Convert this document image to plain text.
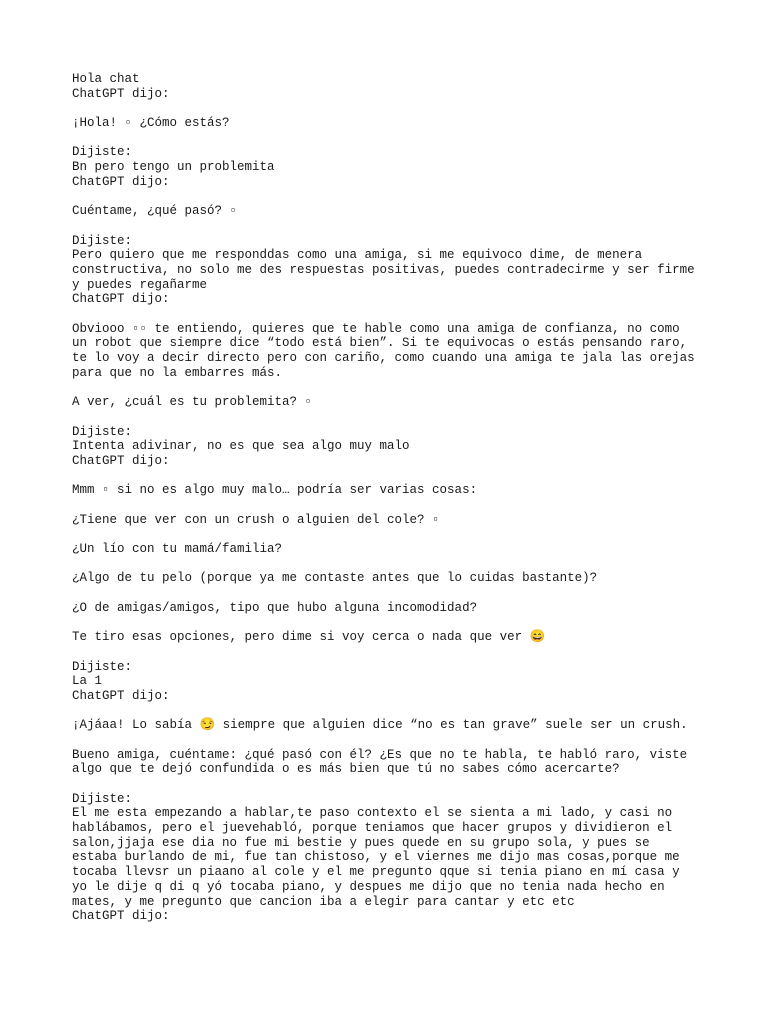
Hola chat
ChatGPT dijo:
¡Hola! ▫ ¿Cómo estás?
Dijiste:
Bn pero tengo un problemita
ChatGPT dijo:
Cuéntame, ¿qué pasó? ▫
Dijiste:
Pero quiero que me responddas como una amiga, si me equivoco dime, de menera
constructiva, no solo me des respuestas positivas, puedes contradecirme y ser firme
y puedes regañarme
ChatGPT dijo:
Obviooo ▫▫ te entiendo, quieres que te hable como una amiga de confianza, no como
un robot que siempre dice “todo está bien”. Si te equivocas o estás pensando raro,
te lo voy a decir directo pero con cariño, como cuando una amiga te jala las orejas
para que no la embarres más.
A ver, ¿cuál es tu problemita? ▫
Dijiste:
Intenta adivinar, no es que sea algo muy malo
ChatGPT dijo:
Mmm ▫ si no es algo muy malo… podría ser varias cosas:
¿Tiene que ver con un crush o alguien del cole? ▫
¿Un lío con tu mamá/familia?
¿Algo de tu pelo (porque ya me contaste antes que lo cuidas bastante)?
¿O de amigas/amigos, tipo que hubo alguna incomodidad?
Te tiro esas opciones, pero dime si voy cerca o nada que ver 😄
Dijiste:
La 1
ChatGPT dijo:
¡Ajáaa! Lo sabía 😏 siempre que alguien dice “no es tan grave” suele ser un crush.
Bueno amiga, cuéntame: ¿qué pasó con él? ¿Es que no te habla, te habló raro, viste
algo que te dejó confundida o es más bien que tú no sabes cómo acercarte?
Dijiste:
El me esta empezando a hablar,te paso contexto el se sienta a mi lado, y casi no
hablábamos, pero el juevehabló, porque teniamos que hacer grupos y dividieron el
salon,jjaja ese dia no fue mi bestie y pues quede en su grupo sola, y pues se
estaba burlando de mi, fue tan chistoso, y el viernes me dijo mas cosas,porque me
tocaba llevsr un piaano al cole y el me pregunto qque si tenia piano en mí casa y
yo le dije q di q yó tocaba piano, y despues me dijo que no tenia nada hecho en
mates, y me pregunto que cancion iba a elegir para cantar y etc etc
ChatGPT dijo:
